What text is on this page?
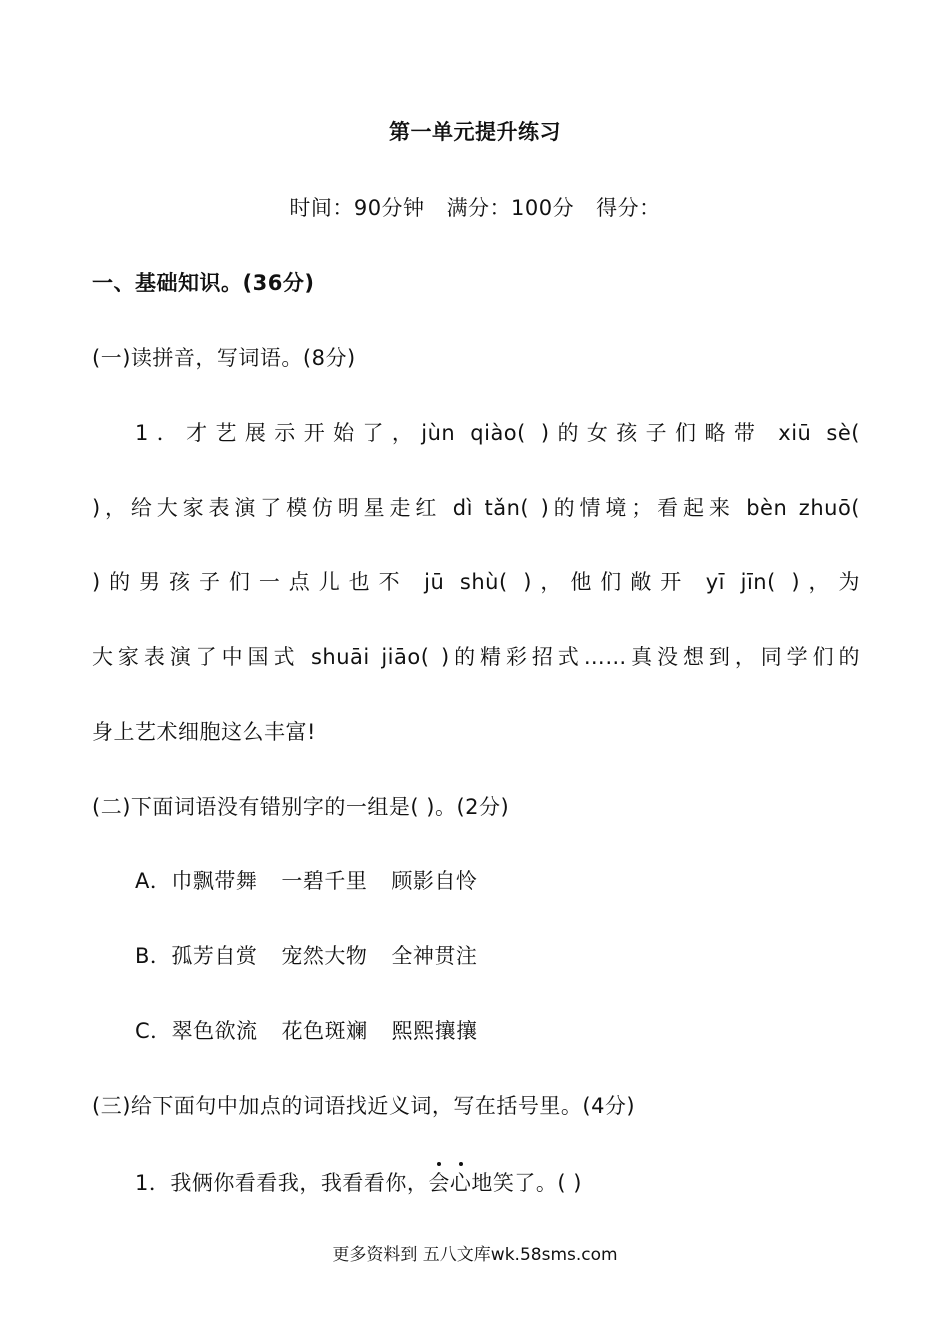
第一单元提升练习
时间：90分钟 满分：100分 得分：
一、基础知识。(36分)
(一)读拼音，写词语。(8分)
1．才艺展示开始了，jùn qiào( )的女孩子们略带 xiū sè(
)，给大家表演了模仿明星走红 dì tǎn( )的情境；看起来 bèn zhuō(
)的男孩子们一点儿也不 jū shù( )，他们敞开 yī jīn( )，为
大家表演了中国式 shuāi jiāo( )的精彩招式……真没想到，同学们的
身上艺术细胞这么丰富!
(二)下面词语没有错别字的一组是( )。(2分)
A．巾飘带舞 一碧千里 顾影自怜
B．孤芳自赏 宠然大物 全神贯注
C．翠色欲流 花色斑斓 熙熙攘攘
(三)给下面句中加点的词语找近义词，写在括号里。(4分)
1．我俩你看看我，我看看你，会心地笑了。( )
更多资料到 五八文库wk.58sms.com
